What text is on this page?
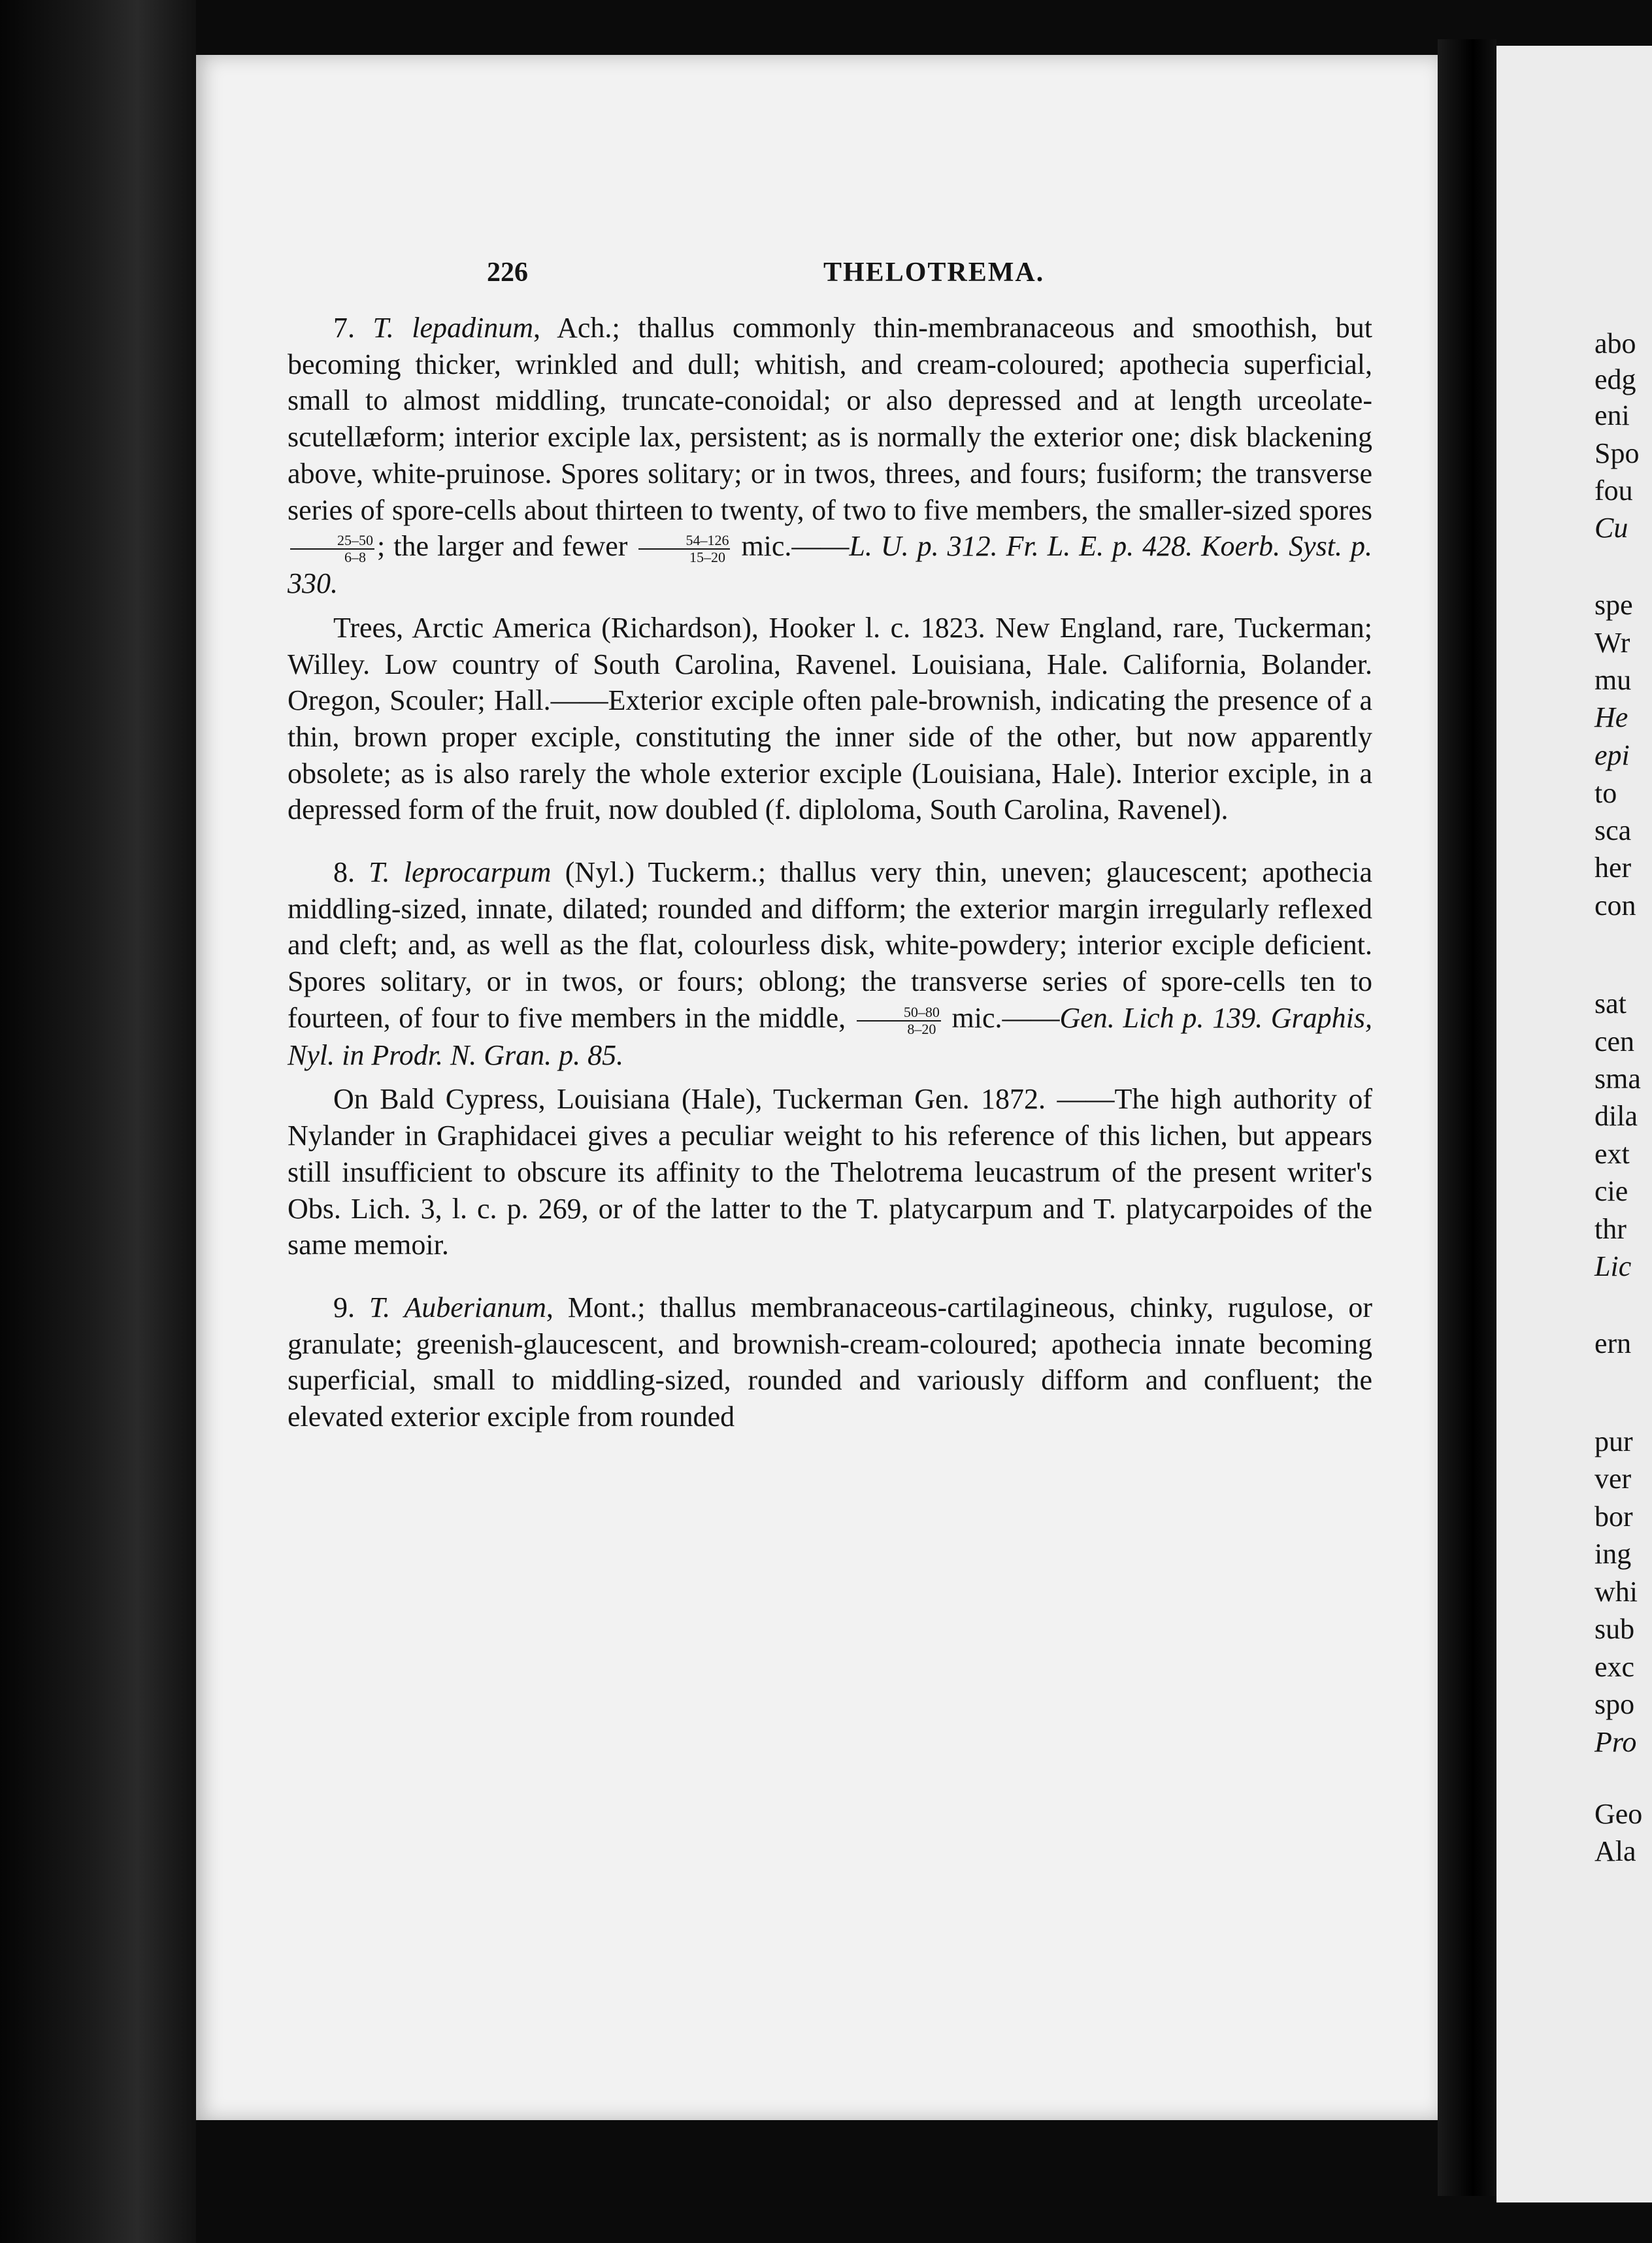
abo
edg
eni
Spo
fou
Cu
spe
Wr
mu
He
epi
to
sca
her
con
sat
cen
sma
dila
ext
cie
thr
Lic
ern
pur
ver
bor
ing
whi
sub
exc
spo
Pro
Geo
Ala
226	THELOTREMA.
7. T. lepadinum, Ach.; thallus commonly thin-membranaceous and smoothish, but becoming thicker, wrinkled and dull; whitish, and cream-coloured; apothecia superficial, small to almost middling, truncate-conoidal; or also depressed and at length urceolate-scutellæform; interior exciple lax, persistent; as is normally the exterior one; disk blackening above, white-pruinose. Spores solitary; or in twos, threes, and fours; fusiform; the transverse series of spore-cells about thirteen to twenty, of two to five members, the smaller-sized spores
$\frac{25-50}{6-8}$ ; the larger and fewer $\frac{54-126}{15-20}$ mic.——L. U. p. 312. Fr. L. E. p. 428. Koerb. Syst. p. 330.
Trees, Arctic America (Richardson), Hooker l. c. 1823. New England, rare, Tuckerman; Willey. Low country of South Carolina, Ravenel. Louisiana, Hale. California, Bolander. Oregon, Scouler; Hall.——Exterior exciple often pale-brownish, indicating the presence of a thin, brown proper exciple, constituting the inner side of the other, but now apparently obsolete; as is also rarely the whole exterior exciple (Louisiana, Hale). Interior exciple, in a depressed form of the fruit, now doubled (f. diploloma, South Carolina, Ravenel).
8. T. leprocarpum (Nyl.) Tuckerm.; thallus very thin, uneven; glaucescent; apothecia middling-sized, innate, dilated; rounded and difform; the exterior margin irregularly reflexed and cleft; and, as well as the flat, colourless disk, white-powdery; interior exciple deficient. Spores solitary, or in twos, or fours; oblong; the transverse series of spore-cells ten to fourteen, of four to five members in the middle, $\frac{50-80}{8-20}$ mic.——Gen. Lich p. 139. Graphis, Nyl. in Prodr. N. Gran. p. 85.
On Bald Cypress, Louisiana (Hale), Tuckerman Gen. 1872. ——The high authority of Nylander in Graphidacei gives a peculiar weight to his reference of this lichen, but appears still insufficient to obscure its affinity to the Thelotrema leucastrum of the present writer's Obs. Lich. 3, l. c. p. 269, or of the latter to the T. platycarpum and T. platycarpoides of the same memoir.
9. T. Auberianum, Mont.; thallus membranaceous-cartilagineous, chinky, rugulose, or granulate; greenish-glaucescent, and brownish-cream-coloured; apothecia innate becoming superficial, small to middling-sized, rounded and variously difform and confluent; the elevated exterior exciple from rounded
